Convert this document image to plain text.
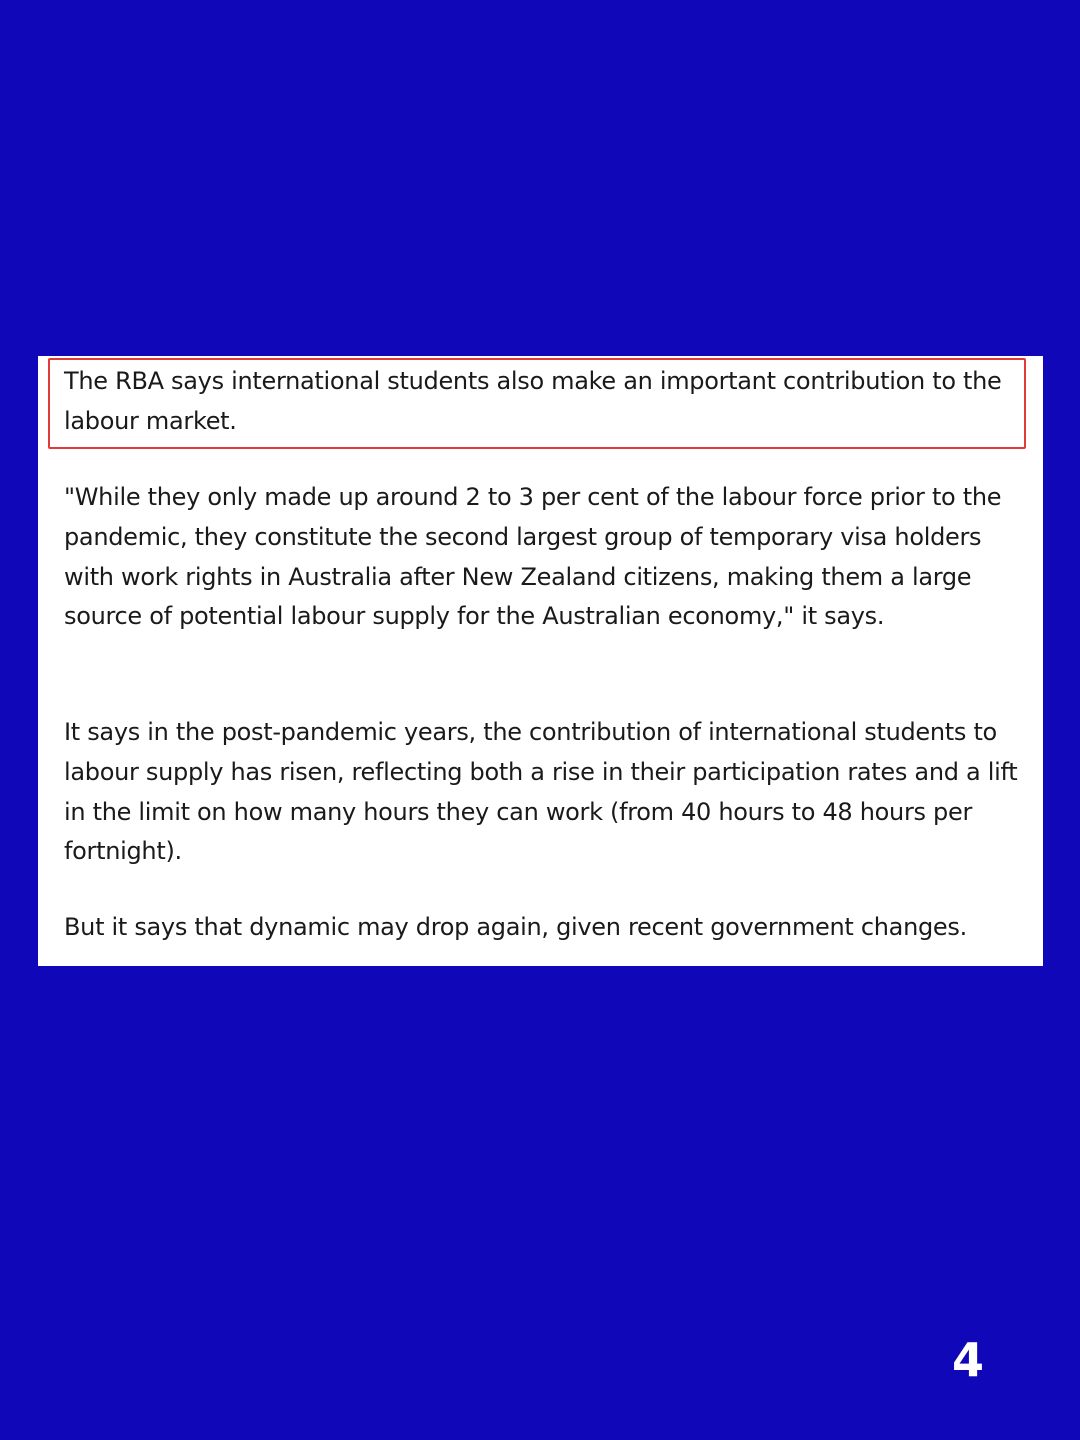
The RBA says international students also make an important contribution to the labour market.

"While they only made up around 2 to 3 per cent of the labour force prior to the pandemic, they constitute the second largest group of temporary visa holders with work rights in Australia after New Zealand citizens, making them a large source of potential labour supply for the Australian economy," it says.

It says in the post-pandemic years, the contribution of international students to labour supply has risen, reflecting both a rise in their participation rates and a lift in the limit on how many hours they can work (from 40 hours to 48 hours per fortnight).

But it says that dynamic may drop again, given recent government changes.

4
